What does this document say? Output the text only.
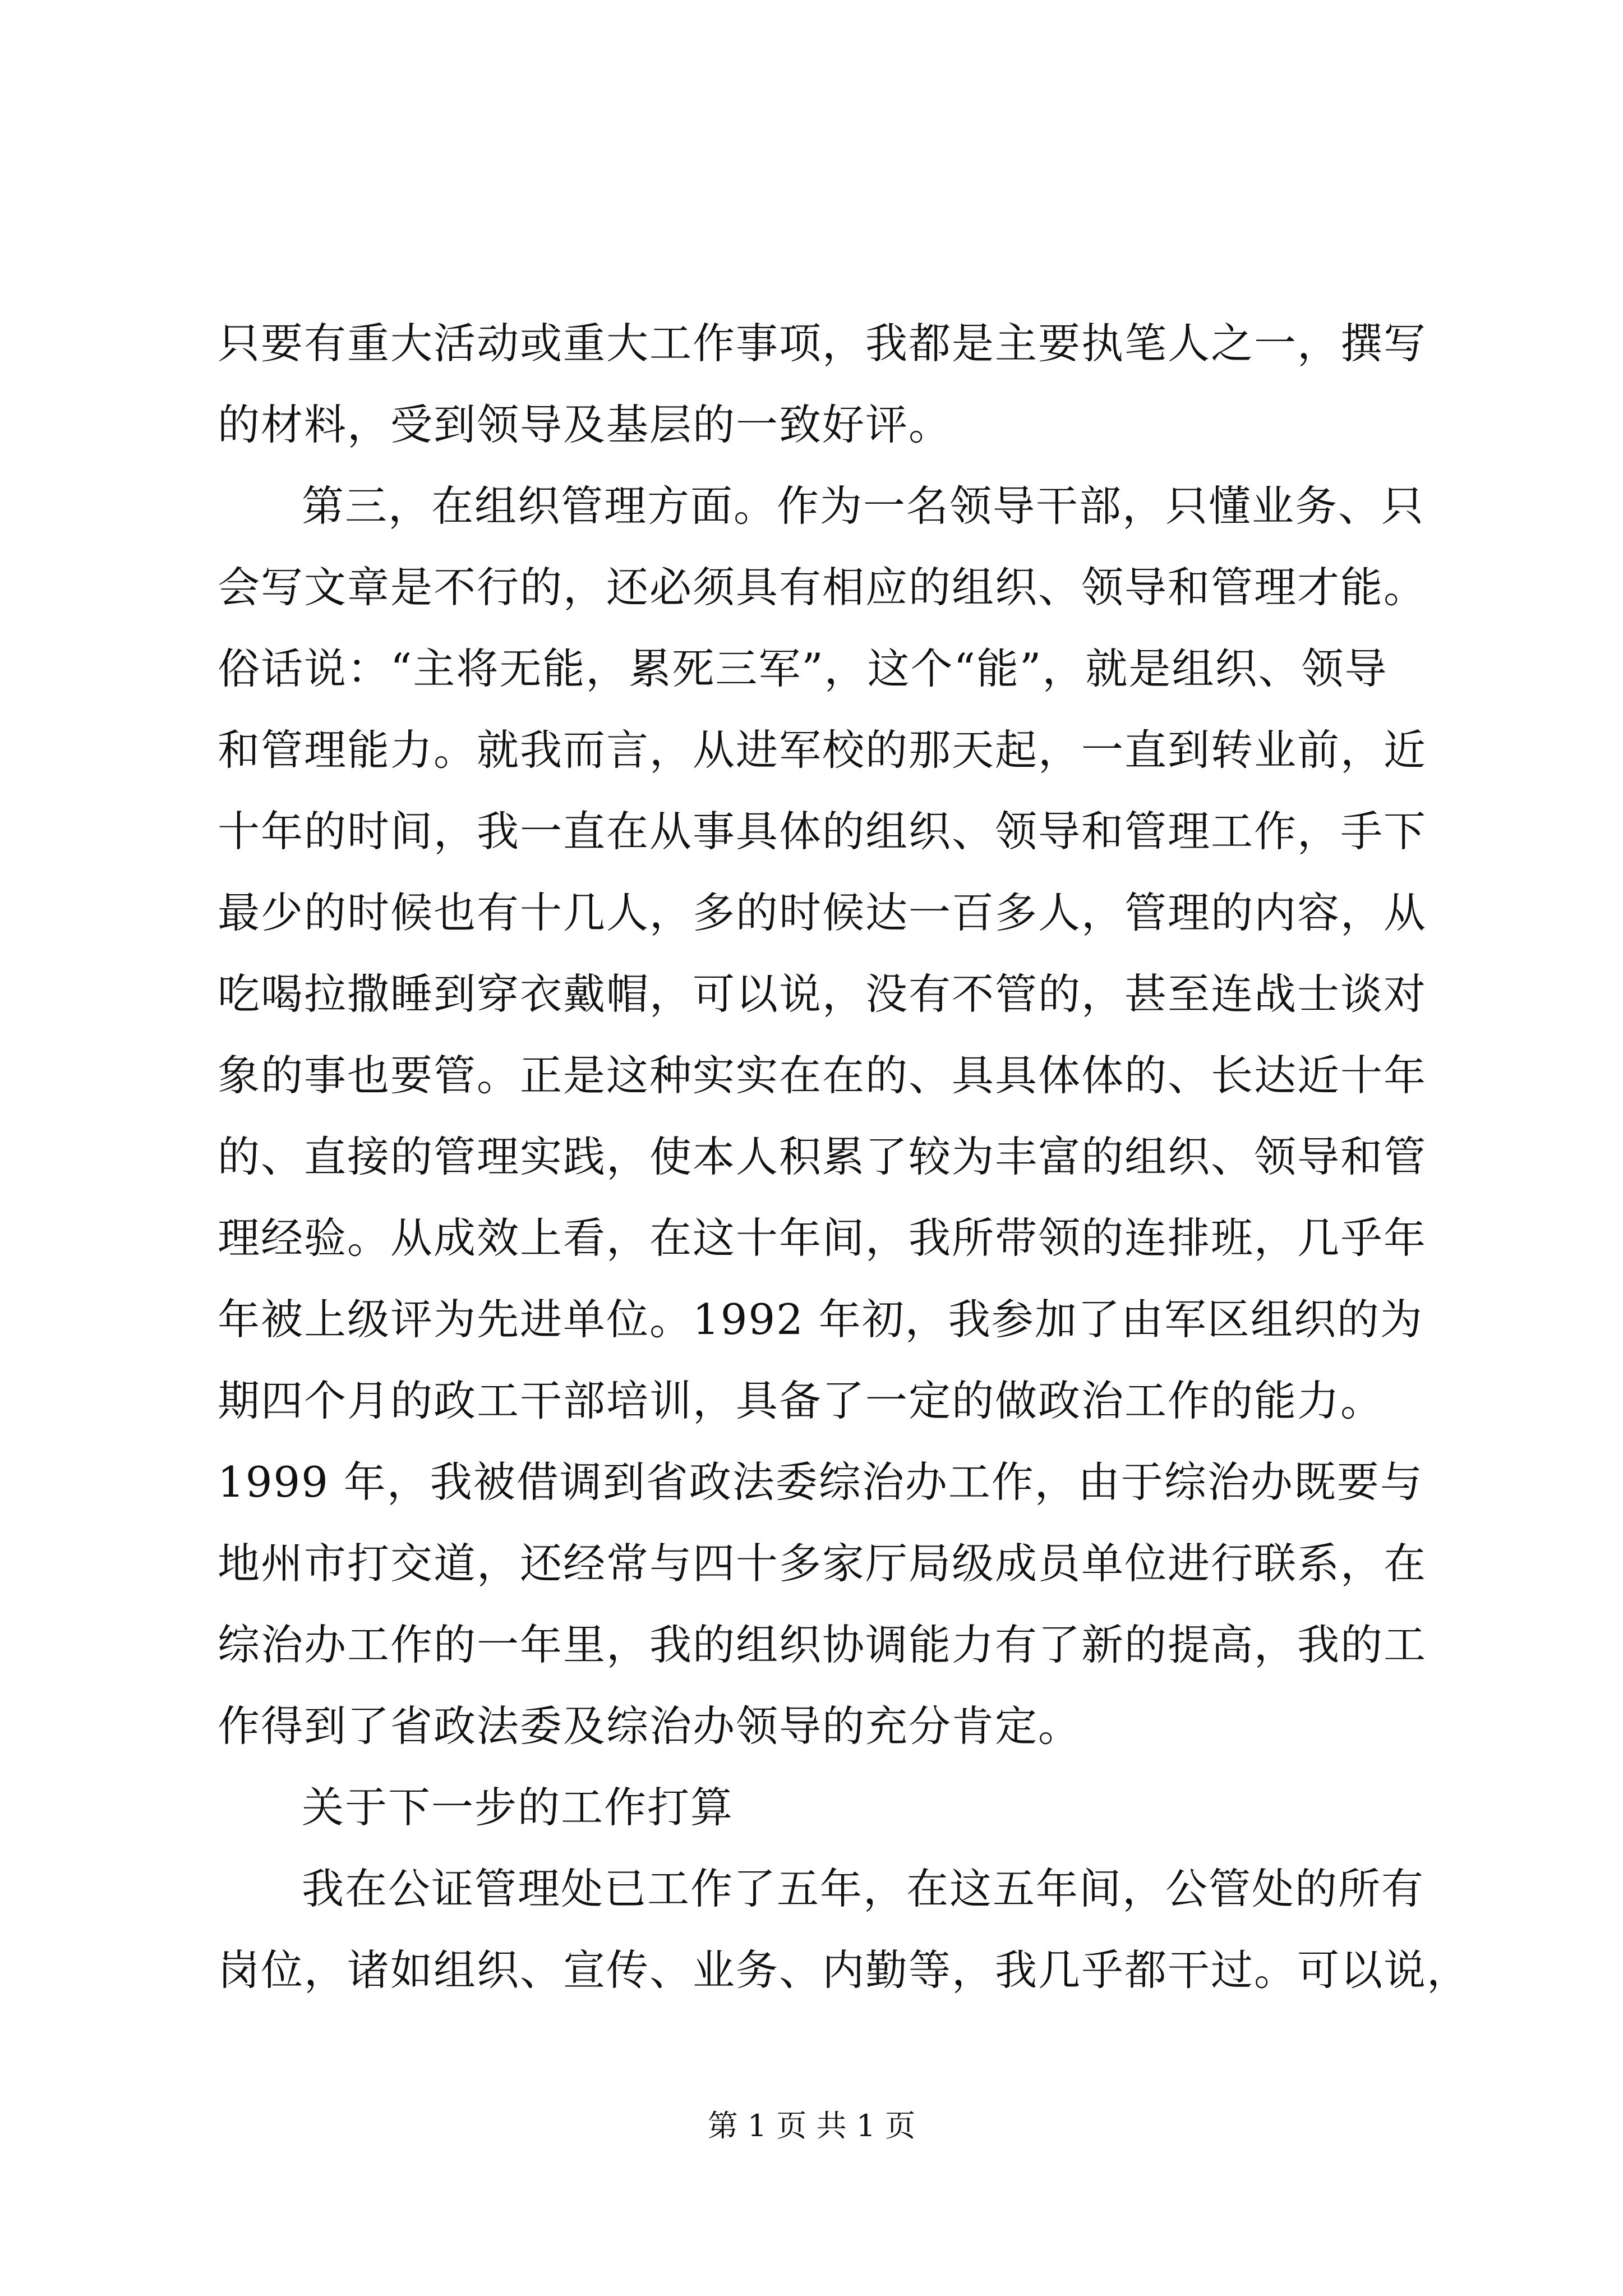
只要有重大活动或重大工作事项，我都是主要执笔人之一，撰写
的材料，受到领导及基层的一致好评。
第三，在组织管理方面。作为一名领导干部，只懂业务、只
会写文章是不行的，还必须具有相应的组织、领导和管理才能。
俗话说：“主将无能，累死三军”，这个“能”，就是组织、领导
和管理能力。就我而言，从进军校的那天起，一直到转业前，近
十年的时间，我一直在从事具体的组织、领导和管理工作，手下
最少的时候也有十几人，多的时候达一百多人，管理的内容，从
吃喝拉撒睡到穿衣戴帽，可以说，没有不管的，甚至连战士谈对
象的事也要管。正是这种实实在在的、具具体体的、长达近十年
的、直接的管理实践，使本人积累了较为丰富的组织、领导和管
理经验。从成效上看，在这十年间，我所带领的连排班，几乎年
年被上级评为先进单位。1992 年初，我参加了由军区组织的为
期四个月的政工干部培训，具备了一定的做政治工作的能力。
1999 年，我被借调到省政法委综治办工作，由于综治办既要与
地州市打交道，还经常与四十多家厅局级成员单位进行联系，在
综治办工作的一年里，我的组织协调能力有了新的提高，我的工
作得到了省政法委及综治办领导的充分肯定。
关于下一步的工作打算
我在公证管理处已工作了五年，在这五年间，公管处的所有
岗位，诸如组织、宣传、业务、内勤等，我几乎都干过。可以说，
第 1 页 共 1 页
